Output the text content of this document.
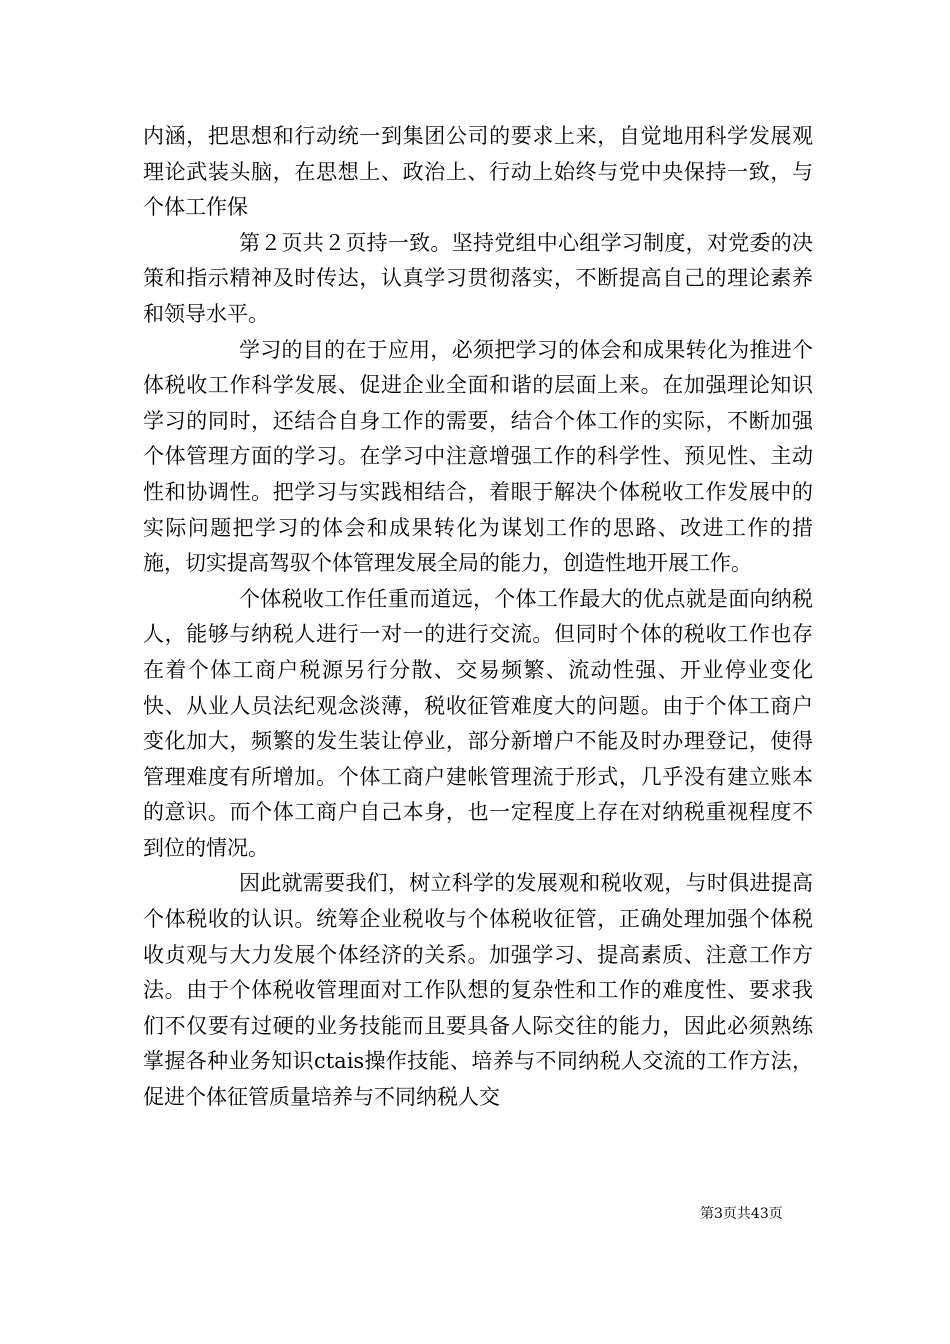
内涵，把思想和行动统一到集团公司的要求上来，自觉地用科学发展观理论武装头脑，在思想上、政治上、行动上始终与党中央保持一致，与个体工作保

第２页共２页持一致。坚持党组中心组学习制度，对党委的决策和指示精神及时传达，认真学习贯彻落实，不断提高自己的理论素养和领导水平。

学习的目的在于应用，必须把学习的体会和成果转化为推进个体税收工作科学发展、促进企业全面和谐的层面上来。在加强理论知识学习的同时，还结合自身工作的需要，结合个体工作的实际，不断加强个体管理方面的学习。在学习中注意增强工作的科学性、预见性、主动性和协调性。把学习与实践相结合，着眼于解决个体税收工作发展中的实际问题把学习的体会和成果转化为谋划工作的思路、改进工作的措施，切实提高驾驭个体管理发展全局的能力，创造性地开展工作。

个体税收工作任重而道远，个体工作最大的优点就是面向纳税人，能够与纳税人进行一对一的进行交流。但同时个体的税收工作也存在着个体工商户税源另行分散、交易频繁、流动性强、开业停业变化快、从业人员法纪观念淡薄，税收征管难度大的问题。由于个体工商户变化加大，频繁的发生装让停业，部分新增户不能及时办理登记，使得管理难度有所增加。个体工商户建帐管理流于形式，几乎没有建立账本的意识。而个体工商户自己本身，也一定程度上存在对纳税重视程度不到位的情况。

因此就需要我们，树立科学的发展观和税收观，与时俱进提高个体税收的认识。统筹企业税收与个体税收征管，正确处理加强个体税收贞观与大力发展个体经济的关系。加强学习、提高素质、注意工作方法。由于个体税收管理面对工作队想的复杂性和工作的难度性、要求我们不仅要有过硬的业务技能而且要具备人际交往的能力，因此必须熟练掌握各种业务知识ctais操作技能、培养与不同纳税人交流的工作方法，促进个体征管质量培养与不同纳税人交

第3页共43页
